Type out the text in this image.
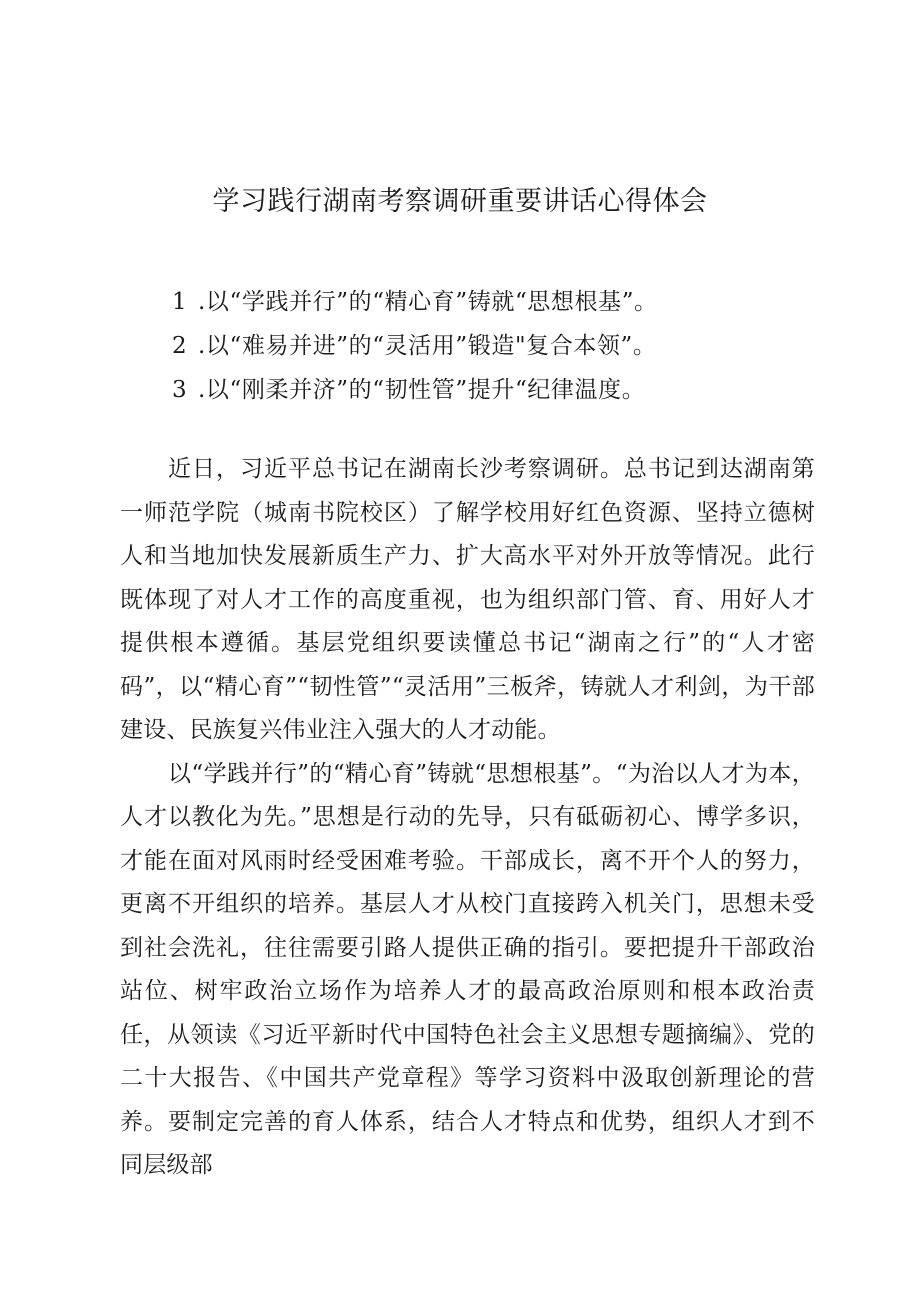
学习践行湖南考察调研重要讲话心得体会
1 .以“学践并行”的“精心育”铸就“思想根基”。
2 .以“难易并进”的“灵活用”锻造"复合本领”。
3 .以“刚柔并济”的“韧性管”提升“纪律温度。

近日，习近平总书记在湖南长沙考察调研。总书记到达湖南第一师范学院（城南书院校区）了解学校用好红色资源、坚持立德树人和当地加快发展新质生产力、扩大高水平对外开放等情况。此行既体现了对人才工作的高度重视，也为组织部门管、育、用好人才提供根本遵循。基层党组织要读懂总书记“湖南之行”的“人才密码”，以“精心育”“韧性管”“灵活用”三板斧，铸就人才利剑，为干部建设、民族复兴伟业注入强大的人才动能。

以“学践并行”的“精心育”铸就“思想根基”。“为治以人才为本，人才以教化为先。”思想是行动的先导，只有砥砺初心、博学多识，才能在面对风雨时经受困难考验。干部成长，离不开个人的努力，更离不开组织的培养。基层人才从校门直接跨入机关门，思想未受到社会洗礼，往往需要引路人提供正确的指引。要把提升干部政治站位、树牢政治立场作为培养人才的最高政治原则和根本政治责任，从领读《习近平新时代中国特色社会主义思想专题摘编》、党的二十大报告、《中国共产党章程》等学习资料中汲取创新理论的营养。要制定完善的育人体系，结合人才特点和优势，组织人才到不同层级部
